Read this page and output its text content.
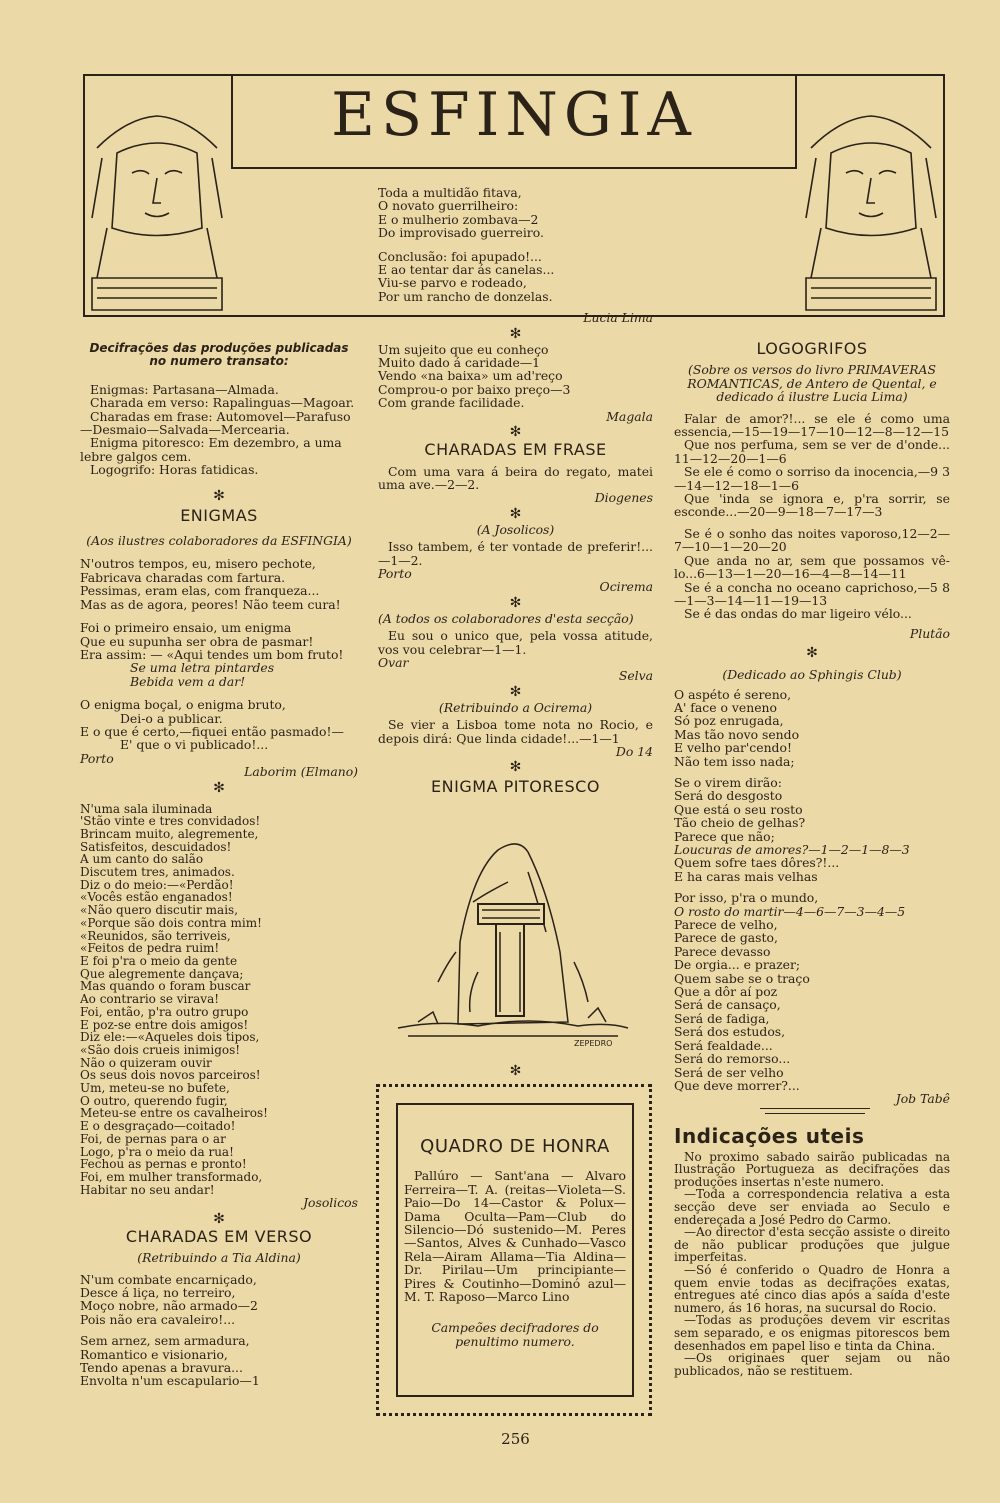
ESFINGIA

Decifrações das produções publicadas no numero transato:

Enigmas: Partasana—Almada.

Charada em verso: Rapalinguas—Magoar.

Charadas em frase: Automovel—Parafuso—Desmaio—Salvada—Mercearia.

Enigma pitoresco: Em dezembro, a uma lebre galgos cem.

Logogrifo: Horas fatidicas.

✻

ENIGMAS

(Aos ilustres colaboradores da ESFINGIA)

N'outros tempos, eu, misero pechote,

Fabricava charadas com fartura.

Pessimas, eram elas, com franqueza...

Mas as de agora, peores! Não teem cura!

Foi o primeiro ensaio, um enigma

Que eu supunha ser obra de pasmar!

Era assim: — «Aqui tendes um bom fruto!

Se uma letra pintardes

Bebida vem a dar!

O enigma boçal, o enigma bruto,

Dei-o a publicar.

E o que é certo,—fiquei então pasmado!—

E' que o vi publicado!...

Porto

Laborim (Elmano)

✻

N'uma sala iluminada

'Stão vinte e tres convidados!

Brincam muito, alegremente,

Satisfeitos, descuidados!

A um canto do salão

Discutem tres, animados.

Diz o do meio:—«Perdão!

«Vocês estão enganados!

«Não quero discutir mais,

«Porque são dois contra mim!

«Reunidos, são terriveis,

«Feitos de pedra ruim!

E foi p'ra o meio da gente

Que alegremente dançava;

Mas quando o foram buscar

Ao contrario se virava!

Foi, então, p'ra outro grupo

E poz-se entre dois amigos!

Diz ele:—«Aqueles dois tipos,

«São dois crueis inimigos!

Não o quizeram ouvir

Os seus dois novos parceiros!

Um, meteu-se no bufete,

O outro, querendo fugir,

Meteu-se entre os cavalheiros!

E o desgraçado—coitado!

Foi, de pernas para o ar

Logo, p'ra o meio da rua!

Fechou as pernas e pronto!

Foi, em mulher transformado,

Habitar no seu andar!

Josolicos

✻

CHARADAS EM VERSO

(Retribuindo a Tia Aldina)

N'um combate encarniçado,

Desce á liça, no terreiro,

Moço nobre, não armado—2

Pois não era cavaleiro!...

Sem arnez, sem armadura,

Romantico e visionario,

Tendo apenas a bravura...

Envolta n'um escapulario—1

Toda a multidão fitava,

O novato guerrilheiro:

E o mulherio zombava—2

Do improvisado guerreiro.

Conclusão: foi apupado!...

E ao tentar dar ás canelas...

Viu-se parvo e rodeado,

Por um rancho de donzelas.

Lucia Lima

✻

Um sujeito que eu conheço

Muito dado á caridade—1

Vendo «na baixa» um ad'reço

Comprou-o por baixo preço—3

Com grande facilidade.

Magala

✻

CHARADAS EM FRASE

Com uma vara á beira do regato, matei uma ave.—2—2.

Diogenes

✻

(A Josolicos)

Isso tambem, é ter vontade de preferir!...—1—2.

Porto

Ocirema

✻

(A todos os colaboradores d'esta secção)

Eu sou o unico que, pela vossa atitude, vos vou celebrar—1—1.

Ovar

Selva

✻

(Retribuindo a Ocirema)

Se vier a Lisboa tome nota no Rocio, e depois dirá: Que linda cidade!...—1—1

Do 14

✻

ENIGMA PITORESCO

ZEPEDRO
✻

QUADRO DE HONRA

Pallúro — Sant'ana — Alvaro Ferreira—T. A. (reitas—Violeta—S. Paio—Do 14—Castor & Polux—Dama Oculta—Pam—Club do Silencio—Dó sustenido—M. Peres—Santos, Alves & Cunhado—Vasco Rela—Airam Allama—Tia Aldina—Dr. Pirilau—Um principiante—Pires & Coutinho—Dominó azul—M. T. Raposo—Marco Lino

Campeões decifradores do penultimo numero.

256

LOGOGRIFOS

(Sobre os versos do livro PRIMAVERAS ROMANTICAS, de Antero de Quental, e dedicado á ilustre Lucia Lima)

Falar de amor?!... se ele é como uma essencia,—15—19—17—10—12—8—12—15

Que nos perfuma, sem se ver de d'onde... 11—12—20—1—6

Se ele é como o sorriso da inocencia,—9 3—14—12—18—1—6

Que 'inda se ignora e, p'ra sorrir, se esconde...—20—9—18—7—17—3

Se é o sonho das noites vaporoso,12—2— 7—10—1—20—20

Que anda no ar, sem que possamos vê-lo...6—13—1—20—16—4—8—14—11

Se é a concha no oceano caprichoso,—5 8—1—3—14—11—19—13

Se é das ondas do mar ligeiro vélo...

Plutão

✻

(Dedicado ao Sphingis Club)

O aspéto é sereno,

A' face o veneno

Só poz enrugada,

Mas tão novo sendo

E velho par'cendo!

Não tem isso nada;

Se o virem dirão:

Será do desgosto

Que está o seu rosto

Tão cheio de gelhas?

Parece que não;

Loucuras de amores?—1—2—1—8—3

Quem sofre taes dôres?!...

E ha caras mais velhas

Por isso, p'ra o mundo,

O rosto do martir—4—6—7—3—4—5

Parece de velho,

Parece de gasto,

Parece devasso

De orgia... e prazer;

Quem sabe se o traço

Que a dôr aí poz

Será de cansaço,

Será de fadiga,

Será dos estudos,

Será fealdade...

Será do remorso...

Será de ser velho

Que deve morrer?...

Job Tabê

Indicações uteis

No proximo sabado sairão publicadas na Ilustração Portugueza as decifrações das produções insertas n'este numero.

—Toda a correspondencia relativa a esta secção deve ser enviada ao Seculo e endereçada a José Pedro do Carmo.

—Ao director d'esta secção assiste o direito de não publicar produções que julgue imperfeitas.

—Só é conferido o Quadro de Honra a quem envie todas as decifrações exatas, entregues até cinco dias após a saída d'este numero, ás 16 horas, na sucursal do Rocio.

—Todas as produções devem vir escritas sem separado, e os enigmas pitorescos bem desenhados em papel liso e tinta da China.

—Os originaes quer sejam ou não publicados, não se restituem.
